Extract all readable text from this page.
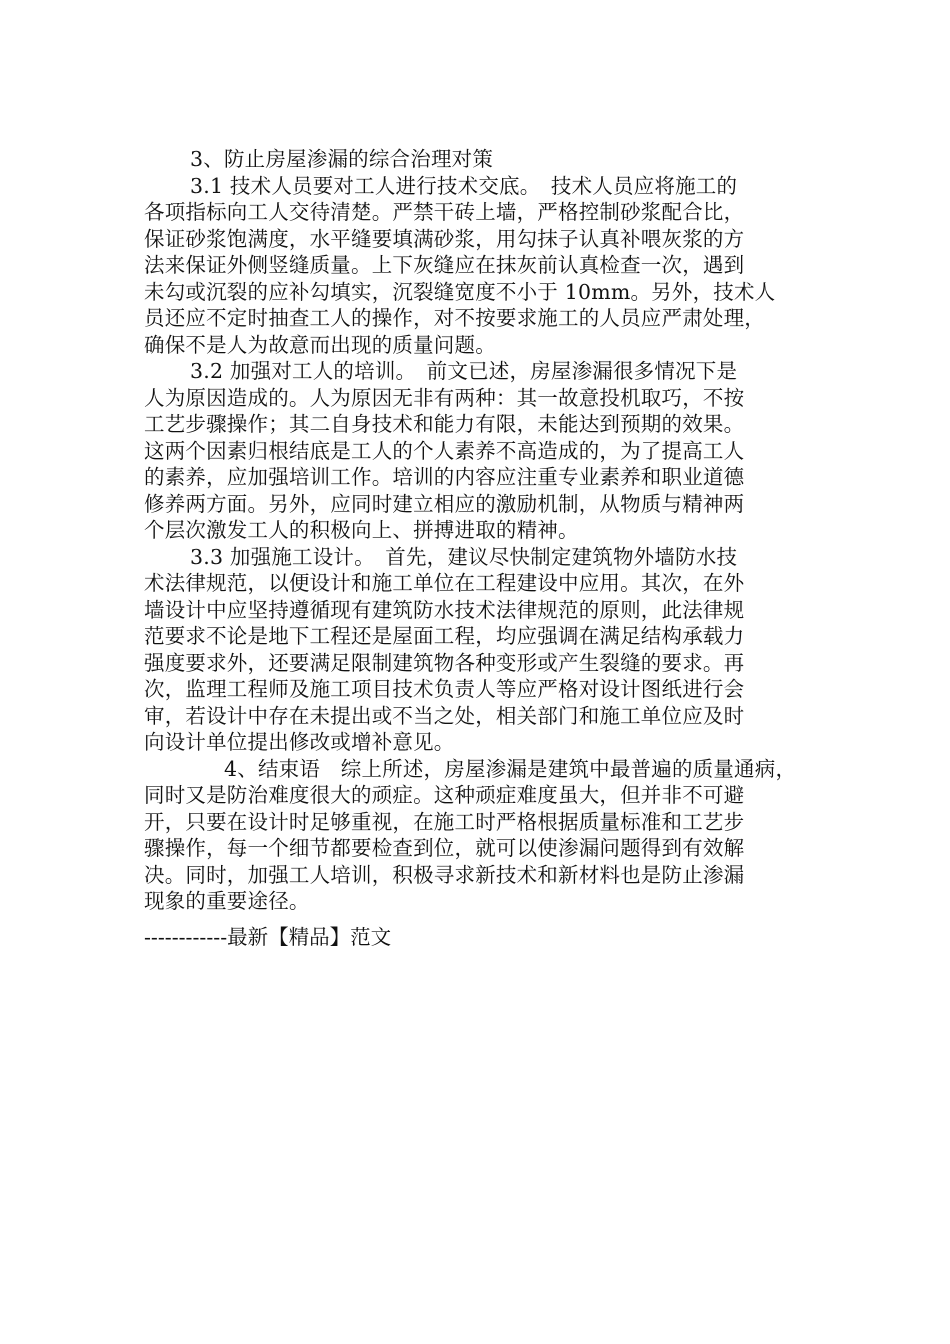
3、防止房屋渗漏的综合治理对策
3.1 技术人员要对工人进行技术交底。　技术人员应将施工的
各项指标向工人交待清楚。严禁干砖上墙，严格控制砂浆配合比，
保证砂浆饱满度，水平缝要填满砂浆，用勾抹子认真补喂灰浆的方
法来保证外侧竖缝质量。上下灰缝应在抹灰前认真检查一次，遇到
未勾或沉裂的应补勾填实，沉裂缝宽度不小于 10mm。另外，技术人
员还应不定时抽查工人的操作，对不按要求施工的人员应严肃处理，
确保不是人为故意而出现的质量问题。
3.2 加强对工人的培训。　前文已述，房屋渗漏很多情况下是
人为原因造成的。人为原因无非有两种：其一故意投机取巧，不按
工艺步骤操作；其二自身技术和能力有限，未能达到预期的效果。
这两个因素归根结底是工人的个人素养不高造成的，为了提高工人
的素养，应加强培训工作。培训的内容应注重专业素养和职业道德
修养两方面。另外，应同时建立相应的激励机制，从物质与精神两
个层次激发工人的积极向上、拼搏进取的精神。
3.3 加强施工设计。　首先，建议尽快制定建筑物外墙防水技
术法律规范，以便设计和施工单位在工程建设中应用。其次，在外
墙设计中应坚持遵循现有建筑防水技术法律规范的原则，此法律规
范要求不论是地下工程还是屋面工程，均应强调在满足结构承载力
强度要求外，还要满足限制建筑物各种变形或产生裂缝的要求。再
次，监理工程师及施工项目技术负责人等应严格对设计图纸进行会
审，若设计中存在未提出或不当之处，相关部门和施工单位应及时
向设计单位提出修改或增补意见。
4、结束语　综上所述，房屋渗漏是建筑中最普遍的质量通病，
同时又是防治难度很大的顽症。这种顽症难度虽大，但并非不可避
开，只要在设计时足够重视，在施工时严格根据质量标准和工艺步
骤操作，每一个细节都要检查到位，就可以使渗漏问题得到有效解
决。同时，加强工人培训，积极寻求新技术和新材料也是防止渗漏
现象的重要途径。
------------最新【精品】范文
